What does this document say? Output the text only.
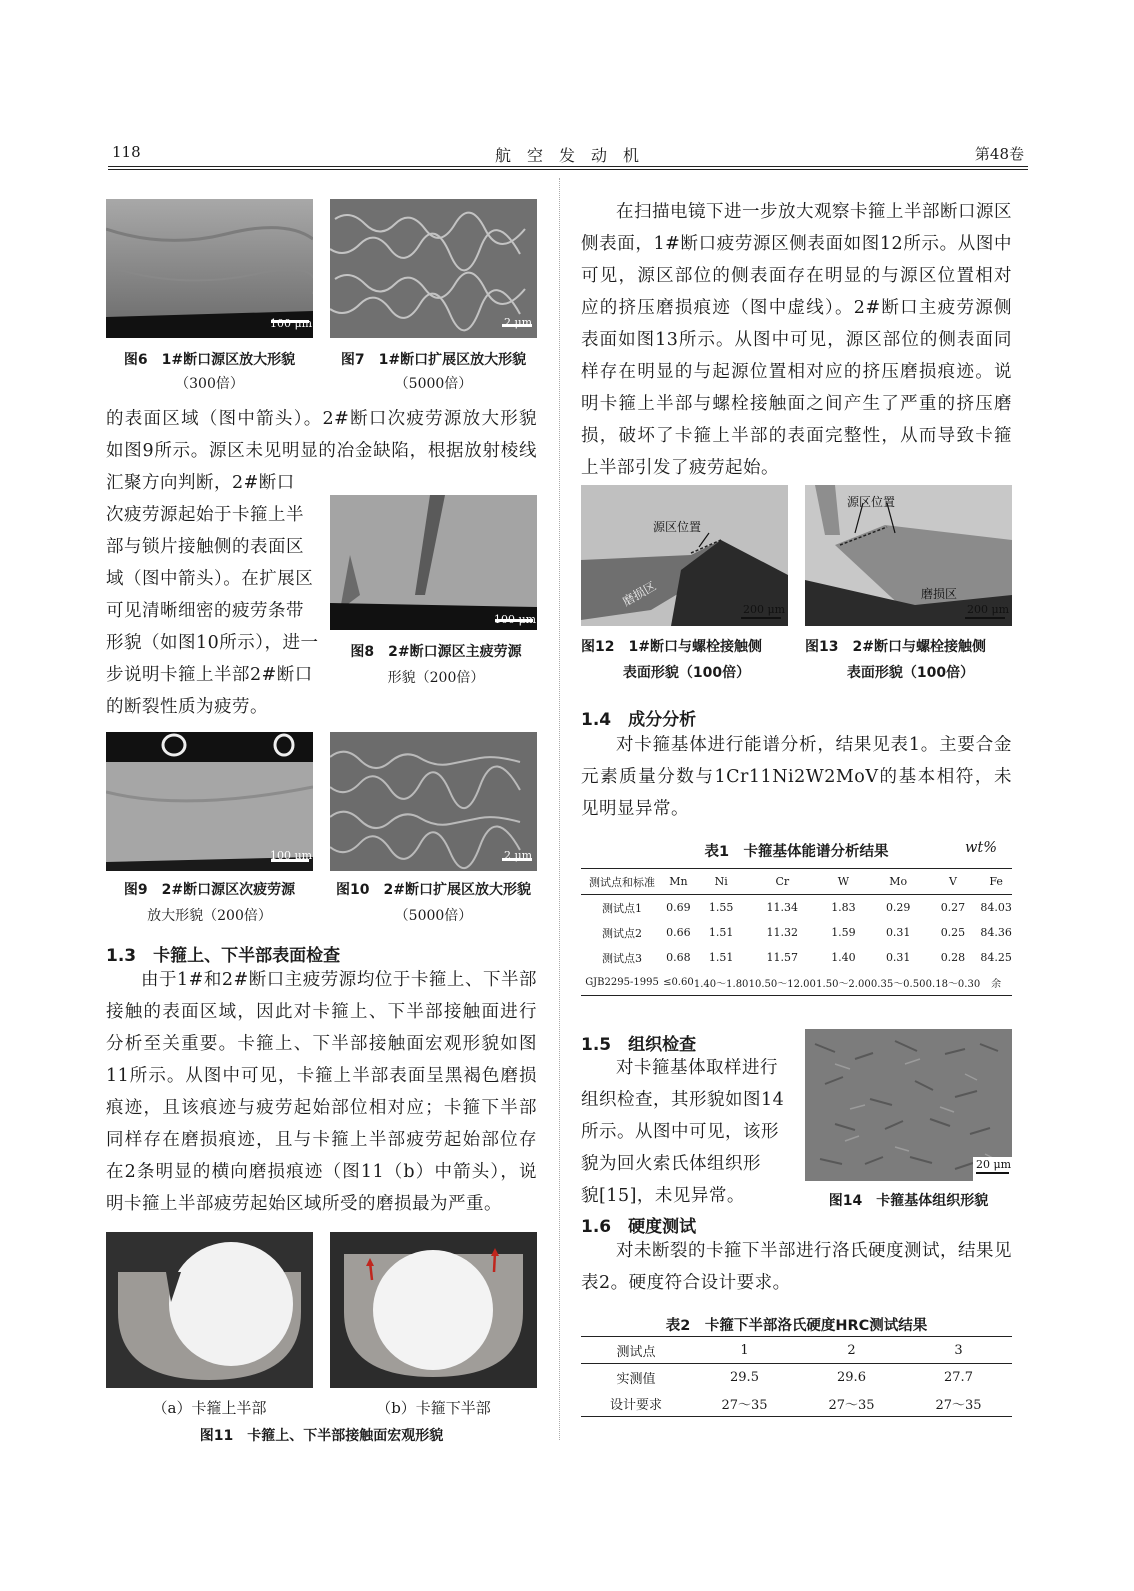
118	航　空　发　动　机	第48卷
100 μm
图6　1#断口源区放大形貌
（300倍）
2 μm
图7　1#断口扩展区放大形貌
（5000倍）
的表面区域（图中箭头）。2#断口次疲劳源放大形貌如图9所示。源区未见明显的冶金缺陷，根据放射棱线汇聚方向判断，2#断口

次疲劳源起始于卡箍上半

部与锁片接触侧的表面区

域（图中箭头）。在扩展区

可见清晰细密的疲劳条带

形貌（如图10所示），进一

步说明卡箍上半部2#断口

的断裂性质为疲劳。

100 μm
图8　2#断口源区主疲劳源
形貌（200倍）
100 μm
图9　2#断口源区次疲劳源
放大形貌（200倍）
2 μm
图10　2#断口扩展区放大形貌
（5000倍）
1.3　卡箍上、下半部表面检查

由于1#和2#断口主疲劳源均位于卡箍上、下半部接触的表面区域，因此对卡箍上、下半部接触面进行分析至关重要。卡箍上、下半部接触面宏观形貌如图11所示。从图中可见，卡箍上半部表面呈黑褐色磨损痕迹，且该痕迹与疲劳起始部位相对应；卡箍下半部同样存在磨损痕迹，且与卡箍上半部疲劳起始部位存在2条明显的横向磨损痕迹（图11（b）中箭头），说明卡箍上半部疲劳起始区域所受的磨损最为严重。

（a）卡箍上半部	（b）卡箍下半部
图11　卡箍上、下半部接触面宏观形貌

在扫描电镜下进一步放大观察卡箍上半部断口源区侧表面，1#断口疲劳源区侧表面如图12所示。从图中可见，源区部位的侧表面存在明显的与源区位置相对应的挤压磨损痕迹（图中虚线）。2#断口主疲劳源侧表面如图13所示。从图中可见，源区部位的侧表面同样存在明显的与起源位置相对应的挤压磨损痕迹。说明卡箍上半部与螺栓接触面之间产生了严重的挤压磨损，破坏了卡箍上半部的表面完整性，从而导致卡箍上半部引发了疲劳起始。

源区位置
磨损区
200 μm
图12　1#断口与螺栓接触侧
表面形貌（100倍）
源区位置
磨损区
200 μm
图13　2#断口与螺栓接触侧
表面形貌（100倍）
1.4　成分分析

对卡箍基体进行能谱分析，结果见表1。主要合金元素质量分数与1Cr11Ni2W2MoV的基本相符，未见明显异常。

表1　卡箍基体能谱分析结果	wt%
测试点和标准	Mn	Ni	Cr	W	Mo	V	Fe
测试点1	0.69	1.55	11.34	1.83	0.29	0.27	84.03
测试点2	0.66	1.51	11.32	1.59	0.31	0.25	84.36
测试点3	0.68	1.51	11.57	1.40	0.31	0.28	84.25
GJB2295-1995	≤0.60	1.40～1.80	10.50～12.00	1.50～2.00	0.35～0.50	0.18～0.30	余
1.5　组织检查

对卡箍基体取样进行

组织检查，其形貌如图14

所示。从图中可见，该形

貌为回火索氏体组织形

貌[15]，未见异常。

20 μm
图14　卡箍基体组织形貌
1.6　硬度测试

对未断裂的卡箍下半部进行洛氏硬度测试，结果见表2。硬度符合设计要求。

表2　卡箍下半部洛氏硬度HRC测试结果
测试点	1	2	3
实测值	29.5	29.6	27.7
设计要求	27～35	27～35	27～35
